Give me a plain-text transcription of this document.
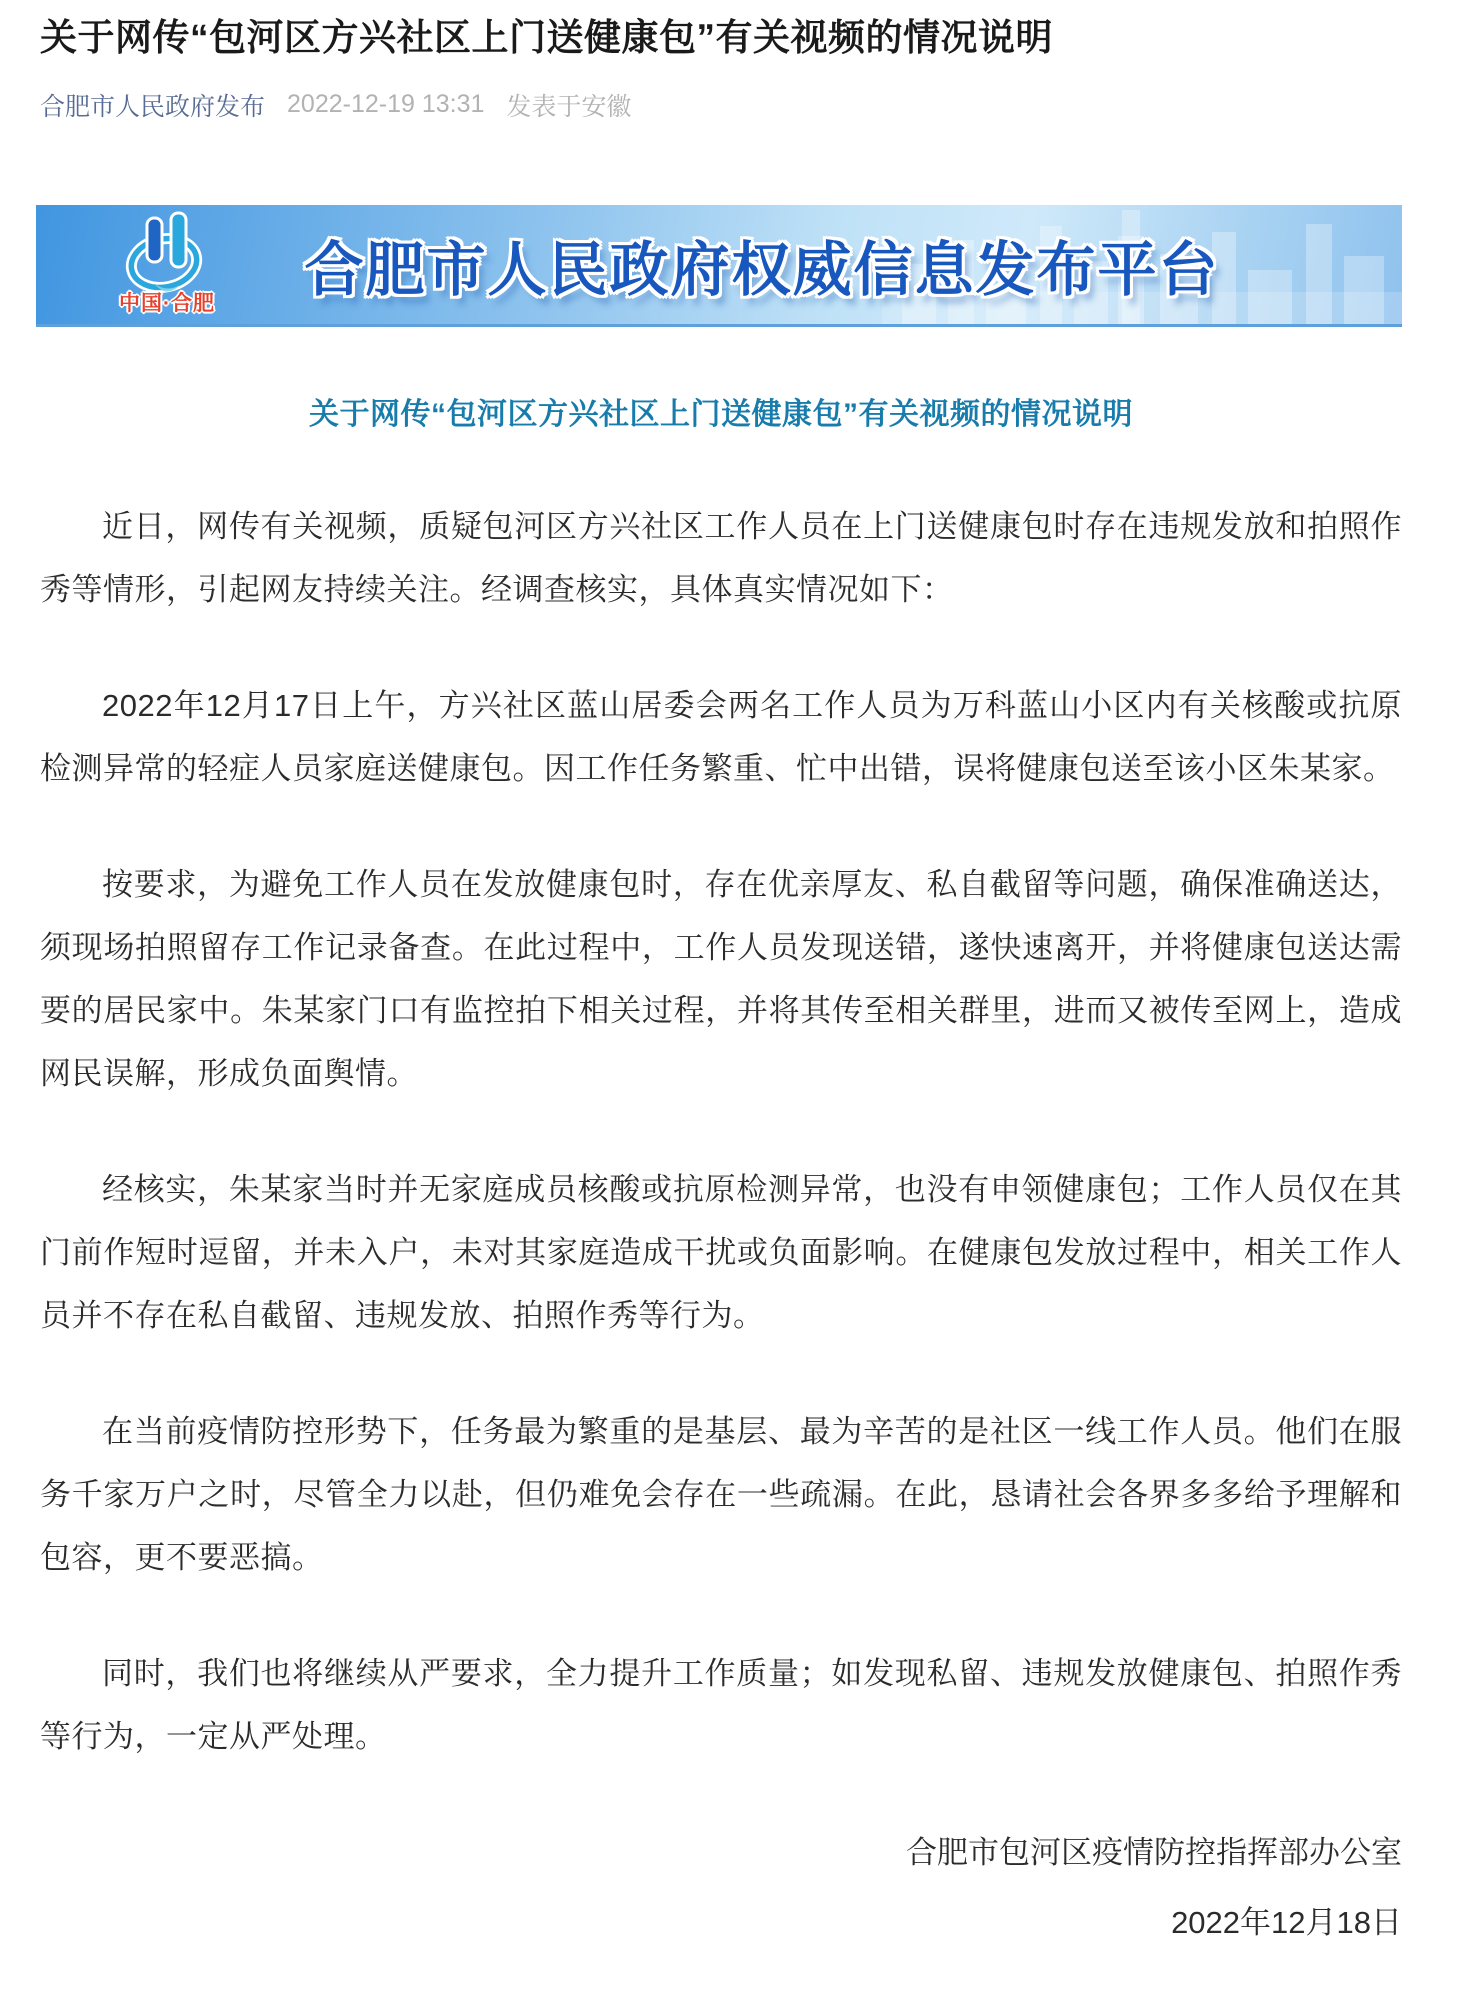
关于网传“包河区方兴社区上门送健康包”有关视频的情况说明
合肥市人民政府发布 2022-12-19 13:31 发表于安徽
中国·合肥
合肥市人民政府权威信息发布平台
关于网传“包河区方兴社区上门送健康包”有关视频的情况说明

近日，网传有关视频，质疑包河区方兴社区工作人员在上门送健康包时存在违规发放和拍照作秀等情形，引起网友持续关注。经调查核实，具体真实情况如下：

2022年12月17日上午，方兴社区蓝山居委会两名工作人员为万科蓝山小区内有关核酸或抗原检测异常的轻症人员家庭送健康包。因工作任务繁重、忙中出错，误将健康包送至该小区朱某家。

按要求，为避免工作人员在发放健康包时，存在优亲厚友、私自截留等问题，确保准确送达，须现场拍照留存工作记录备查。在此过程中，工作人员发现送错，遂快速离开，并将健康包送达需要的居民家中。朱某家门口有监控拍下相关过程，并将其传至相关群里，进而又被传至网上，造成网民误解，形成负面舆情。

经核实，朱某家当时并无家庭成员核酸或抗原检测异常，也没有申领健康包；工作人员仅在其门前作短时逗留，并未入户，未对其家庭造成干扰或负面影响。在健康包发放过程中，相关工作人员并不存在私自截留、违规发放、拍照作秀等行为。

在当前疫情防控形势下，任务最为繁重的是基层、最为辛苦的是社区一线工作人员。他们在服务千家万户之时，尽管全力以赴，但仍难免会存在一些疏漏。在此，恳请社会各界多多给予理解和包容，更不要恶搞。

同时，我们也将继续从严要求，全力提升工作质量；如发现私留、违规发放健康包、拍照作秀等行为，一定从严处理。

合肥市包河区疫情防控指挥部办公室

2022年12月18日
